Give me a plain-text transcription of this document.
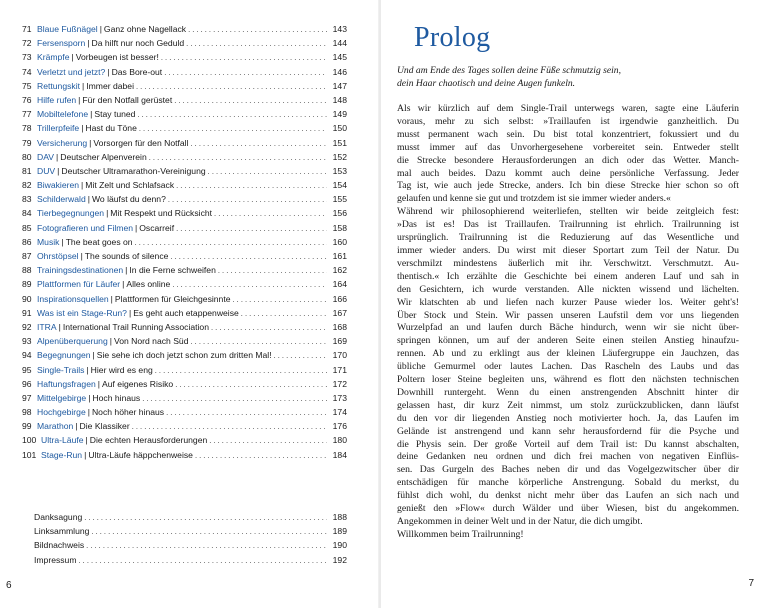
71 Blaue Fußnägel | Ganz ohne Nagellack . . .	143
72 Fersensporn | Da hilft nur noch Geduld . . .	144
73 Krämpfe | Vorbeugen ist besser! . . .	145
74 Verletzt und jetzt? | Das Bore-out . . .	146
75 Rettungskit | Immer dabei . . .	147
76 Hilfe rufen | Für den Notfall gerüstet . . .	148
77 Mobiltelefone | Stay tuned . . .	149
78 Trillerpfeife | Hast du Töne . . .	150
79 Versicherung | Vorsorgen für den Notfall . . .	151
80 DAV | Deutscher Alpenverein . . .	152
81 DUV | Deutscher Ultramarathon-Vereinigung . . .	153
82 Biwakieren | Mit Zelt und Schlafsack . . .	154
83 Schilderwald | Wo läufst du denn? . . .	155
84 Tierbegegnungen | Mit Respekt und Rücksicht . . .	156
85 Fotografieren und Filmen | Oscarreif . . .	158
86 Musik | The beat goes on . . .	160
87 Ohrstöpsel | The sounds of silence . . .	161
88 Trainingsdestinationen | In die Ferne schweifen . . .	162
89 Plattformen für Läufer | Alles online . . .	164
90 Inspirationsquellen | Plattformen für Gleichgesinnte . . .	166
91 Was ist ein Stage-Run? | Es geht auch etappenweise . . .	167
92 ITRA | International Trail Running Association . . .	168
93 Alpenüberquerung | Von Nord nach Süd . . .	169
94 Begegnungen | Sie sehe ich doch jetzt schon zum dritten Mal! . . .	170
95 Single-Trails | Hier wird es eng . . .	171
96 Haftungsfragen | Auf eigenes Risiko . . .	172
97 Mittelgebirge | Hoch hinaus . . .	173
98 Hochgebirge | Noch höher hinaus . . .	174
99 Marathon | Die Klassiker . . .	176
100 Ultra-Läufe | Die echten Herausforderungen . . .	180
101 Stage-Run | Ultra-Läufe häppchenweise . . .	184
Danksagung . . .	188
Linksammlung . . .	189
Bildnachweis . . .	190
Impressum . . .	192
6
Prolog
Und am Ende des Tages sollen deine Füße schmutzig sein,
dein Haar chaotisch und deine Augen funkeln.
Als wir kürzlich auf dem Single-Trail unterwegs waren, sagte eine Läuferin
voraus, mehr zu sich selbst: »Traillaufen ist irgendwie ganzheitlich. Du
musst permanent wach sein. Du bist total konzentriert, fokussiert und du
musst immer auf das Unvorhergesehene vorbereitet sein. Entweder stellt
die Strecke besondere Herausforderungen an dich oder das Wetter. Manch-
mal auch beides. Dazu kommt auch deine persönliche Verfassung. Jeder
Tag ist, wie auch jede Strecke, anders. Ich bin diese Strecke hier schon so oft
gelaufen und kenne sie gut und trotzdem ist sie immer wieder anders.«
Während wir philosophierend weiterliefen, stellten wir beide zeitgleich fest:
»Das ist es! Das ist Traillaufen. Trailrunning ist ehrlich. Trailrunning ist
ursprünglich. Trailrunning ist die Reduzierung auf das Wesentliche und
immer wieder anders. Du wirst mit dieser Sportart zum Teil der Natur. Du
verschmilzt mindestens äußerlich mit ihr. Verschwitzt. Verschmutzt. Au-
thentisch.« Ich erzählte die Geschichte bei einem anderen Lauf und sah in
den Gesichtern, ich wurde verstanden. Alle nickten wissend und lächelten.
Wir klatschten ab und liefen nach kurzer Pause wieder los. Weiter geht's!
Über Stock und Stein. Wir passen unseren Laufstil dem vor uns liegenden
Wurzelpfad an und laufen durch Bäche hindurch, wenn wir sie nicht über-
springen können, um auf der anderen Seite einen steilen Anstieg hinaufzu-
rennen. Ab und zu erklingt aus der kleinen Läufergruppe ein Jauchzen, das
übliche Gemurmel oder lautes Lachen. Das Rascheln des Laubs und das
Poltern loser Steine begleiten uns, während es flott den nächsten technischen
Downhill runtergeht. Wenn du einen anstrengenden Abschnitt hinter dir
gelassen hast, dir kurz Zeit nimmst, um stolz zurückzublicken, dann läufst
du den vor dir liegenden Anstieg noch motivierter hoch. Ja, das Laufen im
Gelände ist anstrengend und kann sehr herausfordernd für die Psyche und
die Physis sein. Der große Vorteil auf dem Trail ist: Du kannst abschalten,
deine Gedanken neu ordnen und dich frei machen von negativen Einflüs-
sen. Das Gurgeln des Baches neben dir und das Vogelgezwitscher über dir
entschädigen für manche körperliche Anstrengung. Sobald du merkst, du
fühlst dich wohl, du denkst nicht mehr über das Laufen an sich nach und
genießt den »Flow« durch Wälder und über Wiesen, bist du angekommen.
Angekommen in deiner Welt und in der Natur, die dich umgibt.
Willkommen beim Trailrunning!
7
